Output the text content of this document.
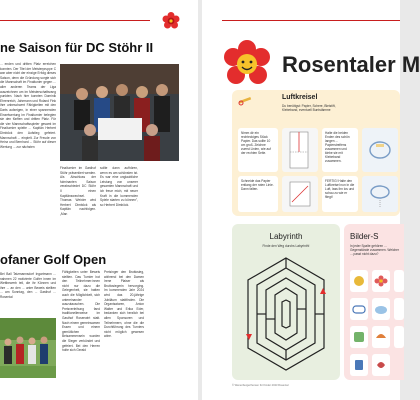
ne Saison für DC Stöhr II
... enden und dritten Platz erreichen konnten. Der Titel der Meisterpruppe C war aber nicht der einzige Erfolg dieses Saison, denn die Gründung sorgte sich die Mannschaft im Finaltunier gegen ... aller anderen Teams der Liga auszeichnen um im Meisterschaftsrang punkten. Nach hier konnten Dominik Ehrenreich, Jahrmann und Roland Fink ihre unbeschwert Fähigkeiten mit den Darts aufzeigen, in einer spannenden Einzelwertung im Finalturnier belegten sie den fünften und dritten Platz. Für die vier Mannschaftsspieler gesamt im Finalturnier spielte ... Kapitän Herbert Dimböck den Aufstieg gefeiert. Mannschaft ... einpielt. Zur Freude von Heinz und Bernhard ... Stöhr auf dieser Wertung ... zur nächsten
Finalturnier im Gasthof Stöhr präsentiert werden. Als Abschluss der fulminanten Saison verabschiedet DC Stöhr II einen Kapitänswechsel. Thomas Weixler wird Herbert Dimböck als Kapitän nachfolgen. „Man
sollte dann aufhören, wenn es am schönsten ist. Es war eine unglaubliche Leistung von unserer gesamten Mannschaft und ich freue mich, mit neuer Kraft in die kommenden Spiele starten zu können", so Herbert Dimböck.
ofaner Golf Open
Bei Ball Tatzmannsdorf Ingartmann ... nahmen 22 motivierte Golfer innen im Wettbewerb teil, die ihr Können und ihre ... an den ... unter Beweis stellten ... am Sonntag, den ... Gasthof ... Rosental
Fähigkeiten unter Beweis stellten. Das Turnier bot den Teilnehmer:innen nicht nur dazu die Gelegenheit, sie hatten auch die Möglichkeit, sich untereinander auszutauschen. Die Preisverleihung fand traditionellerweise im Gasthof Rosenwirt statt. Nach einem gemeinsamen Essen und einem gemütlichen Beisammensein wurden die Sieger verkündet und gefeiert. Bei den Herren holte sich Gerald
Preisinger den Bruttosieg, während bei den Damen Irene Plaiser als Bruttosiegerin hervorging. Im kommenden Jahr 2024 wird das 20-jährige Jubiläum stattfinden. Die Organisatoren, Anton Walter und Erika Eder, bedanken sich herzlich bei allen Sponsoren und Teilnehmern, ohne die die Durchführung des Turniers nicht möglich gewesen wäre.
Rosentaler M
Luftkreisel
Du benötigst: Papier, Schere, Bleistift, Klebeband, eventuell Buntstämme
Nimm dir ein rechteckiges Stück Papier. Das sollte 10 cm groß. Zeichne zuerst Linien, wie auf der rechten Seite.
Halte die beiden Enden des schön langen ... Papierstreifens zusammen und klebe sie mit Klebeband zusammen.
Schneide das Papier entlang der roten Linie. Dann falten.
FERTIG! Halte den Luftkreisel nun in die Luft, lass ihn los und schau zu wie er fliegt!
Labyrinth
Finde den Weg durchs Labyrinth!
Bilder-S
In jeder Spalte gehören ... Gegenstände zusammen. Welcher ... passt nicht dazu?
© Wienerbergerthemen für Kinder 2023 Rosental
